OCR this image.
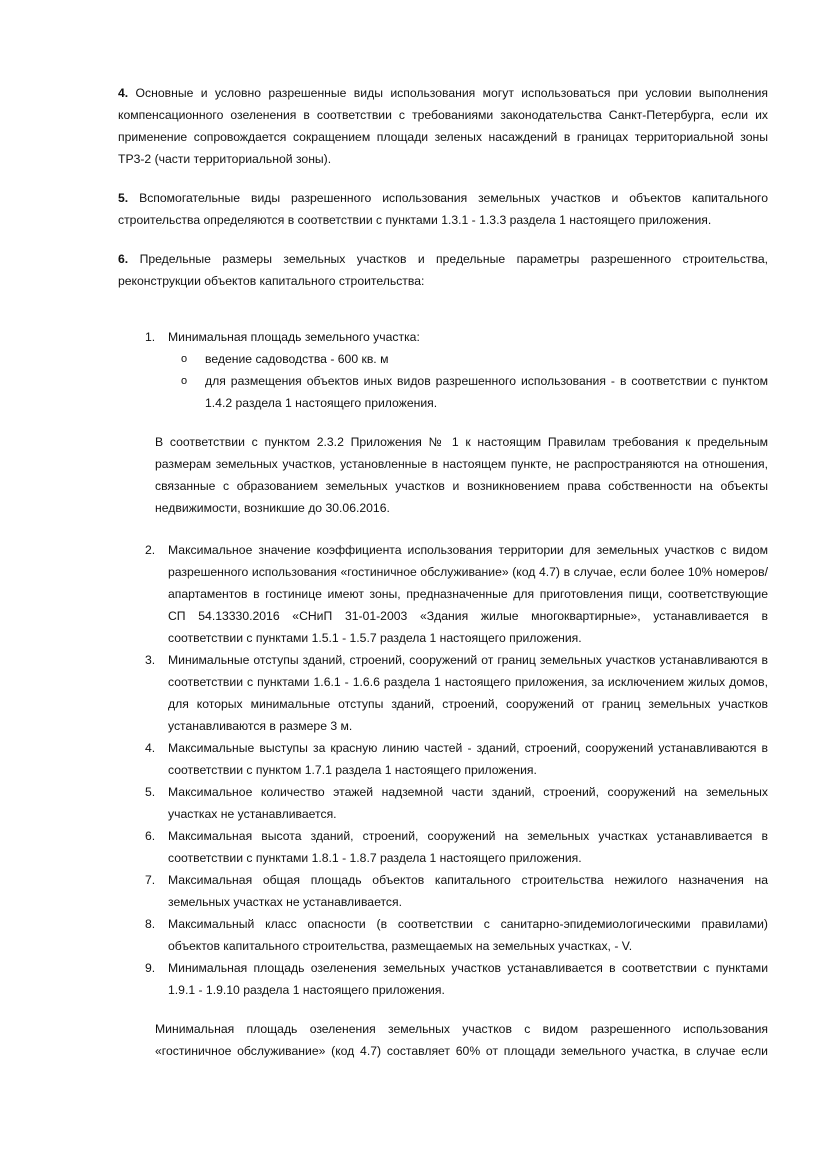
4. Основные и условно разрешенные виды использования могут использоваться при условии выполнения компенсационного озеленения в соответствии с требованиями законодательства Санкт-Петербурга, если их применение сопровождается сокращением площади зеленых насаждений в границах территориальной зоны ТР3-2 (части территориальной зоны).
5. Вспомогательные виды разрешенного использования земельных участков и объектов капитального строительства определяются в соответствии с пунктами 1.3.1 - 1.3.3 раздела 1 настоящего приложения.
6. Предельные размеры земельных участков и предельные параметры разрешенного строительства, реконструкции объектов капитального строительства:
1. Минимальная площадь земельного участка:
o ведение садоводства - 600 кв. м
o для размещения объектов иных видов разрешенного использования - в соответствии с пунктом 1.4.2 раздела 1 настоящего приложения.
В соответствии с пунктом 2.3.2 Приложения № 1 к настоящим Правилам требования к предельным размерам земельных участков, установленные в настоящем пункте, не распространяются на отношения, связанные с образованием земельных участков и возникновением права собственности на объекты недвижимости, возникшие до 30.06.2016.
2. Максимальное значение коэффициента использования территории для земельных участков с видом разрешенного использования «гостиничное обслуживание» (код 4.7) в случае, если более 10% номеров/апартаментов в гостинице имеют зоны, предназначенные для приготовления пищи, соответствующие СП 54.13330.2016 «СНиП 31-01-2003 «Здания жилые многоквартирные», устанавливается в соответствии с пунктами 1.5.1 - 1.5.7 раздела 1 настоящего приложения.
3. Минимальные отступы зданий, строений, сооружений от границ земельных участков устанавливаются в соответствии с пунктами 1.6.1 - 1.6.6 раздела 1 настоящего приложения, за исключением жилых домов, для которых минимальные отступы зданий, строений, сооружений от границ земельных участков устанавливаются в размере 3 м.
4. Максимальные выступы за красную линию частей - зданий, строений, сооружений устанавливаются в соответствии с пунктом 1.7.1 раздела 1 настоящего приложения.
5. Максимальное количество этажей надземной части зданий, строений, сооружений на земельных участках не устанавливается.
6. Максимальная высота зданий, строений, сооружений на земельных участках устанавливается в соответствии с пунктами 1.8.1 - 1.8.7 раздела 1 настоящего приложения.
7. Максимальная общая площадь объектов капитального строительства нежилого назначения на земельных участках не устанавливается.
8. Максимальный класс опасности (в соответствии с санитарно-эпидемиологическими правилами) объектов капитального строительства, размещаемых на земельных участках, - V.
9. Минимальная площадь озеленения земельных участков устанавливается в соответствии с пунктами 1.9.1 - 1.9.10 раздела 1 настоящего приложения.
Минимальная площадь озеленения земельных участков с видом разрешенного использования «гостиничное обслуживание» (код 4.7) составляет 60% от площади земельного участка, в случае если
